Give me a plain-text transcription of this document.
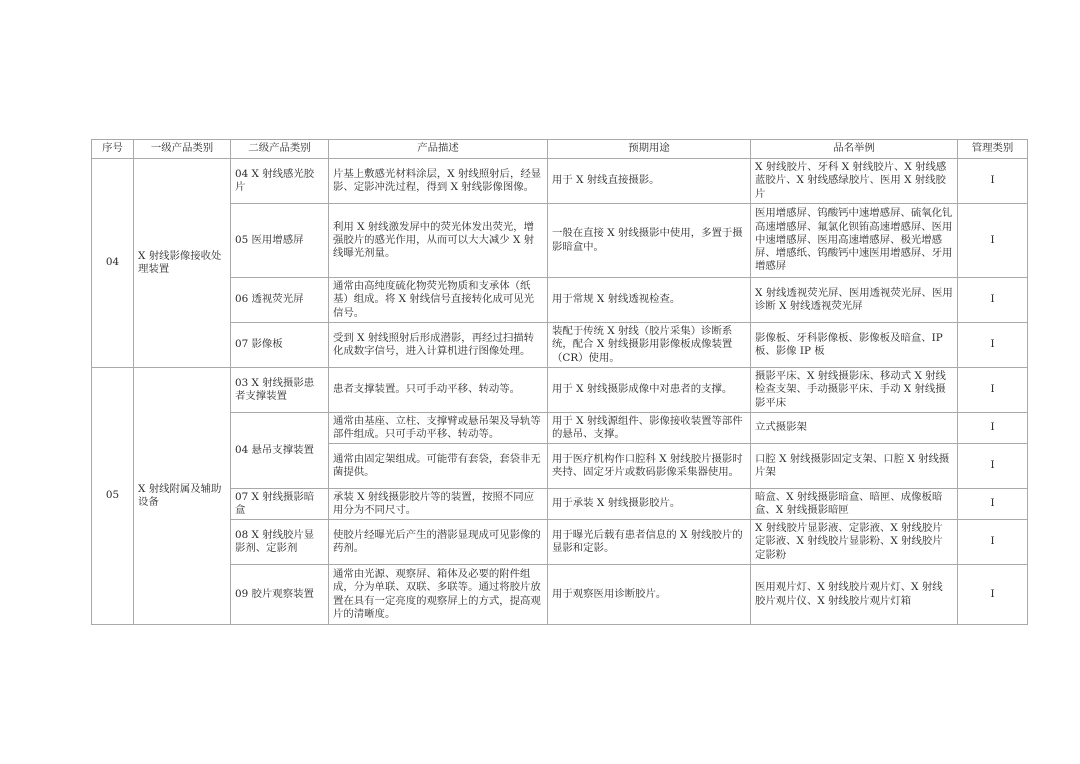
序号	一级产品类别	二级产品类别	产品描述	预期用途	品名举例	管理类别
04	X 射线影像接收处理装置	04 X 射线感光胶片	片基上敷感光材料涂层，X 射线照射后，经显影、定影冲洗过程，得到 X 射线影像图像。	用于 X 射线直接摄影。	X 射线胶片、牙科 X 射线胶片、X 射线感蓝胶片、X 射线感绿胶片、医用 X 射线胶片	I
		05 医用增感屏	利用 X 射线激发屏中的荧光体发出荧光，增强胶片的感光作用，从而可以大大减少 X 射线曝光剂量。	一般在直接 X 射线摄影中使用，多置于摄影暗盒中。	医用增感屏、钨酸钙中速增感屏、硫氧化钆高速增感屏、氟氯化钡铕高速增感屏、医用中速增感屏、医用高速增感屏、极光增感屏、增感纸、钨酸钙中速医用增感屏、牙用增感屏	I
		06 透视荧光屏	通常由高纯度硫化物荧光物质和支承体（纸基）组成。将 X 射线信号直接转化成可见光信号。	用于常规 X 射线透视检查。	X 射线透视荧光屏、医用透视荧光屏、医用诊断 X 射线透视荧光屏	I
		07 影像板	受到 X 射线照射后形成潜影，再经过扫描转化成数字信号，进入计算机进行图像处理。	装配于传统 X 射线（胶片采集）诊断系统，配合 X 射线摄影用影像板成像装置（CR）使用。	影像板、牙科影像板、影像板及暗盒、IP 板、影像 IP 板	I
05	X 射线附属及辅助设备	03 X 射线摄影患者支撑装置	患者支撑装置。只可手动平移、转动等。	用于 X 射线摄影成像中对患者的支撑。	摄影平床、X 射线摄影床、移动式 X 射线检查支架、手动摄影平床、手动 X 射线摄影平床	I
		04 悬吊支撑装置	通常由基座、立柱、支撑臂或悬吊架及导轨等部件组成。只可手动平移、转动等。	用于 X 射线源组件、影像接收装置等部件的悬吊、支撑。	立式摄影架	I
			通常由固定架组成。可能带有套袋，套袋非无菌提供。	用于医疗机构作口腔科 X 射线胶片摄影时夹持、固定牙片或数码影像采集器使用。	口腔 X 射线摄影固定支架、口腔 X 射线摄片架	I
		07 X 射线摄影暗盒	承装 X 射线摄影胶片等的装置，按照不同应用分为不同尺寸。	用于承装 X 射线摄影胶片。	暗盒、X 射线摄影暗盒、暗匣、成像板暗盒、X 射线摄影暗匣	I
		08 X 射线胶片显影剂、定影剂	使胶片经曝光后产生的潜影显现成可见影像的药剂。	用于曝光后载有患者信息的 X 射线胶片的显影和定影。	X 射线胶片显影液、定影液、X 射线胶片定影液、X 射线胶片显影粉、X 射线胶片定影粉	I
		09 胶片观察装置	通常由光源、观察屏、箱体及必要的附件组成，分为单联、双联、多联等。通过将胶片放置在具有一定亮度的观察屏上的方式，提高观片的清晰度。	用于观察医用诊断胶片。	医用观片灯、X 射线胶片观片灯、X 射线胶片观片仪、X 射线胶片观片灯箱	I
